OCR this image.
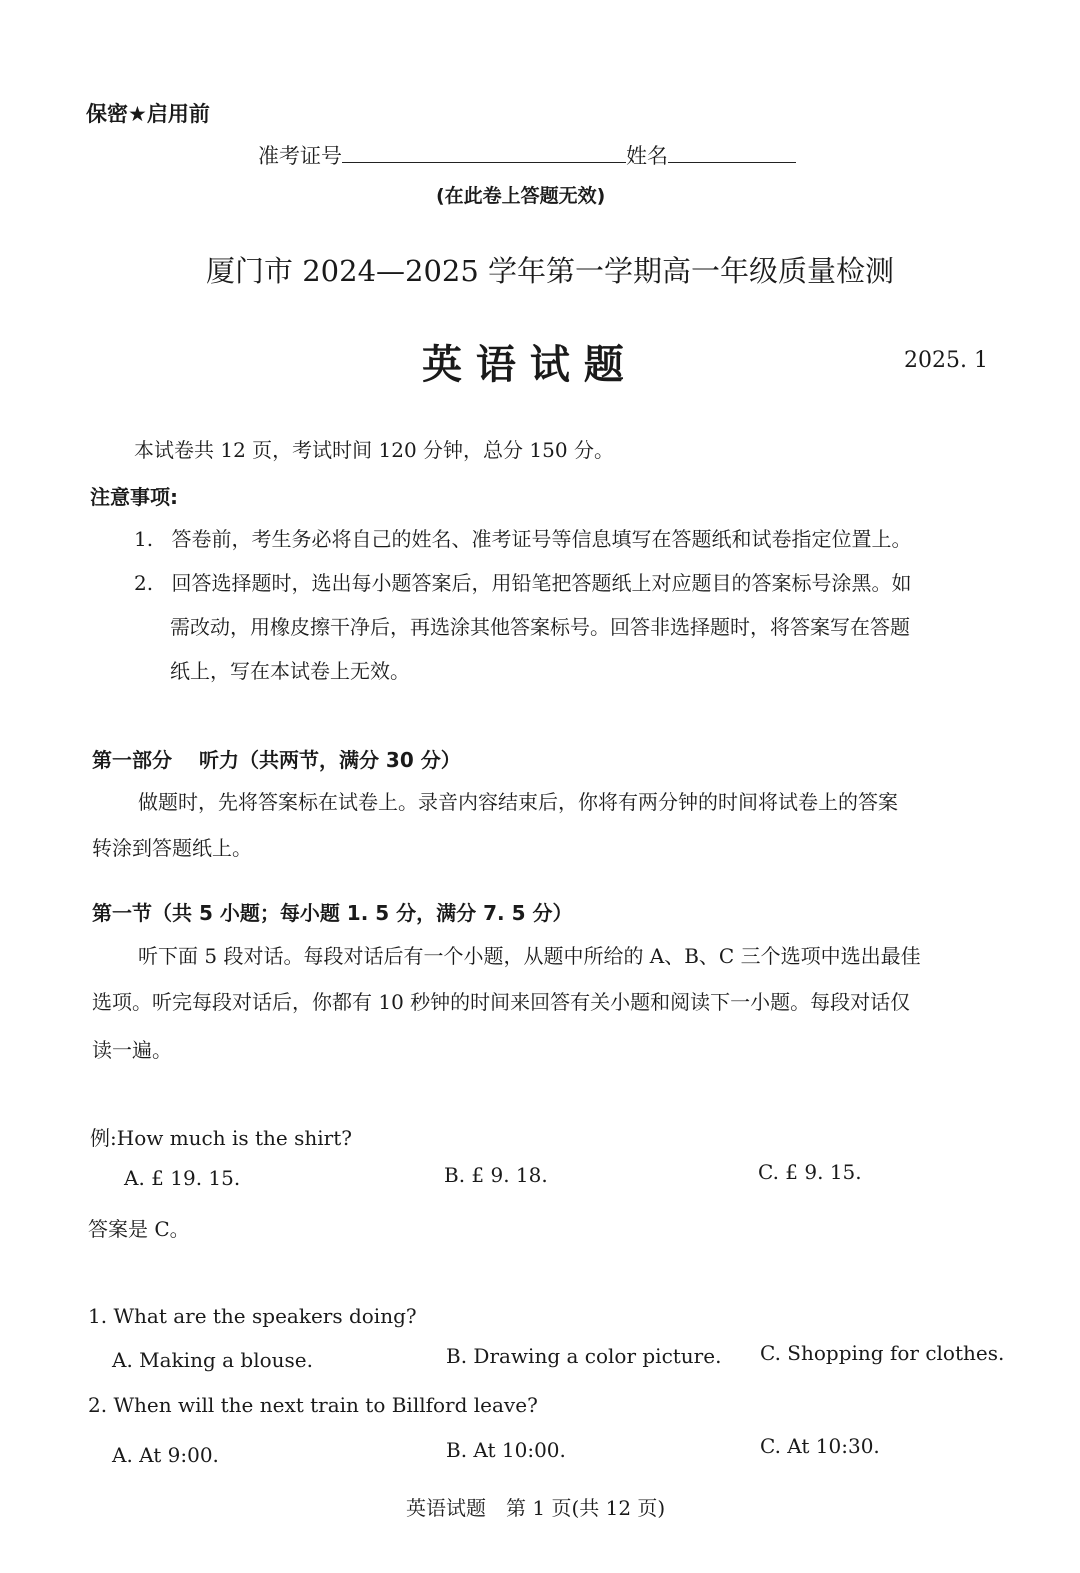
保密★启用前
准考证号	姓名
(在此卷上答题无效)
厦门市 2024—2025 学年第一学期高一年级质量检测
英 语 试 题	2025. 1
本试卷共 12 页，考试时间 120 分钟，总分 150 分。
注意事项:
1. 答卷前，考生务必将自己的姓名、准考证号等信息填写在答题纸和试卷指定位置上。
2. 回答选择题时，选出每小题答案后，用铅笔把答题纸上对应题目的答案标号涂黑。如
需改动，用橡皮擦干净后，再选涂其他答案标号。回答非选择题时，将答案写在答题
纸上，写在本试卷上无效。
第一部分 听力（共两节，满分 30 分）
做题时，先将答案标在试卷上。录音内容结束后，你将有两分钟的时间将试卷上的答案
转涂到答题纸上。
第一节（共 5 小题；每小题 1. 5 分，满分 7. 5 分）
听下面 5 段对话。每段对话后有一个小题，从题中所给的 A、B、C 三个选项中选出最佳
选项。听完每段对话后，你都有 10 秒钟的时间来回答有关小题和阅读下一小题。每段对话仅
读一遍。
例:How much is the shirt?
A. £ 19. 15.	B. £ 9. 18.	C. £ 9. 15.
答案是 C。
1. What are the speakers doing?
A. Making a blouse.	B. Drawing a color picture. C. Shopping for clothes.
2. When will the next train to Billford leave?
A. At 9:00.	B. At 10:00.	C. At 10:30.
英语试题　第 1 页(共 12 页)
